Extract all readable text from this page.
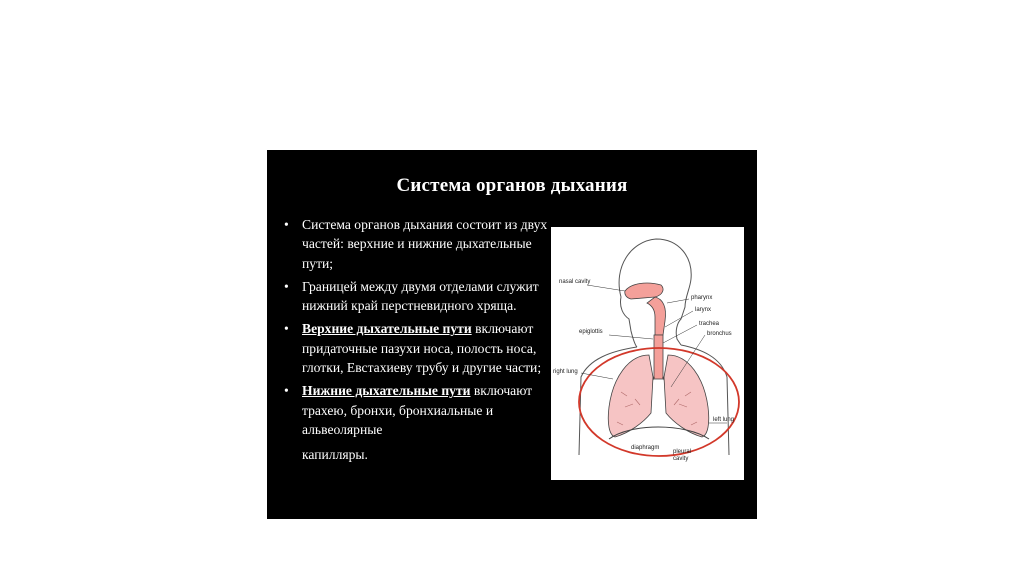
Система органов дыхания
• Система органов дыхания состоит из двух частей: верхние и нижние дыхательные пути;
• Границей между двумя отделами служит нижний край перстневидного хряща.
• Верхние дыхательные пути включают придаточные пазухи носа, полость носа, глотки, Евстахиеву трубу и другие части;
• Нижние дыхательные пути включают трахею, бронхи, бронхиальные и альвеолярные
капилляры.
nasal cavity
pharynx
larynx
trachea
bronchus
epiglottis
right lung
left lung
diaphragm
pleural
cavity
